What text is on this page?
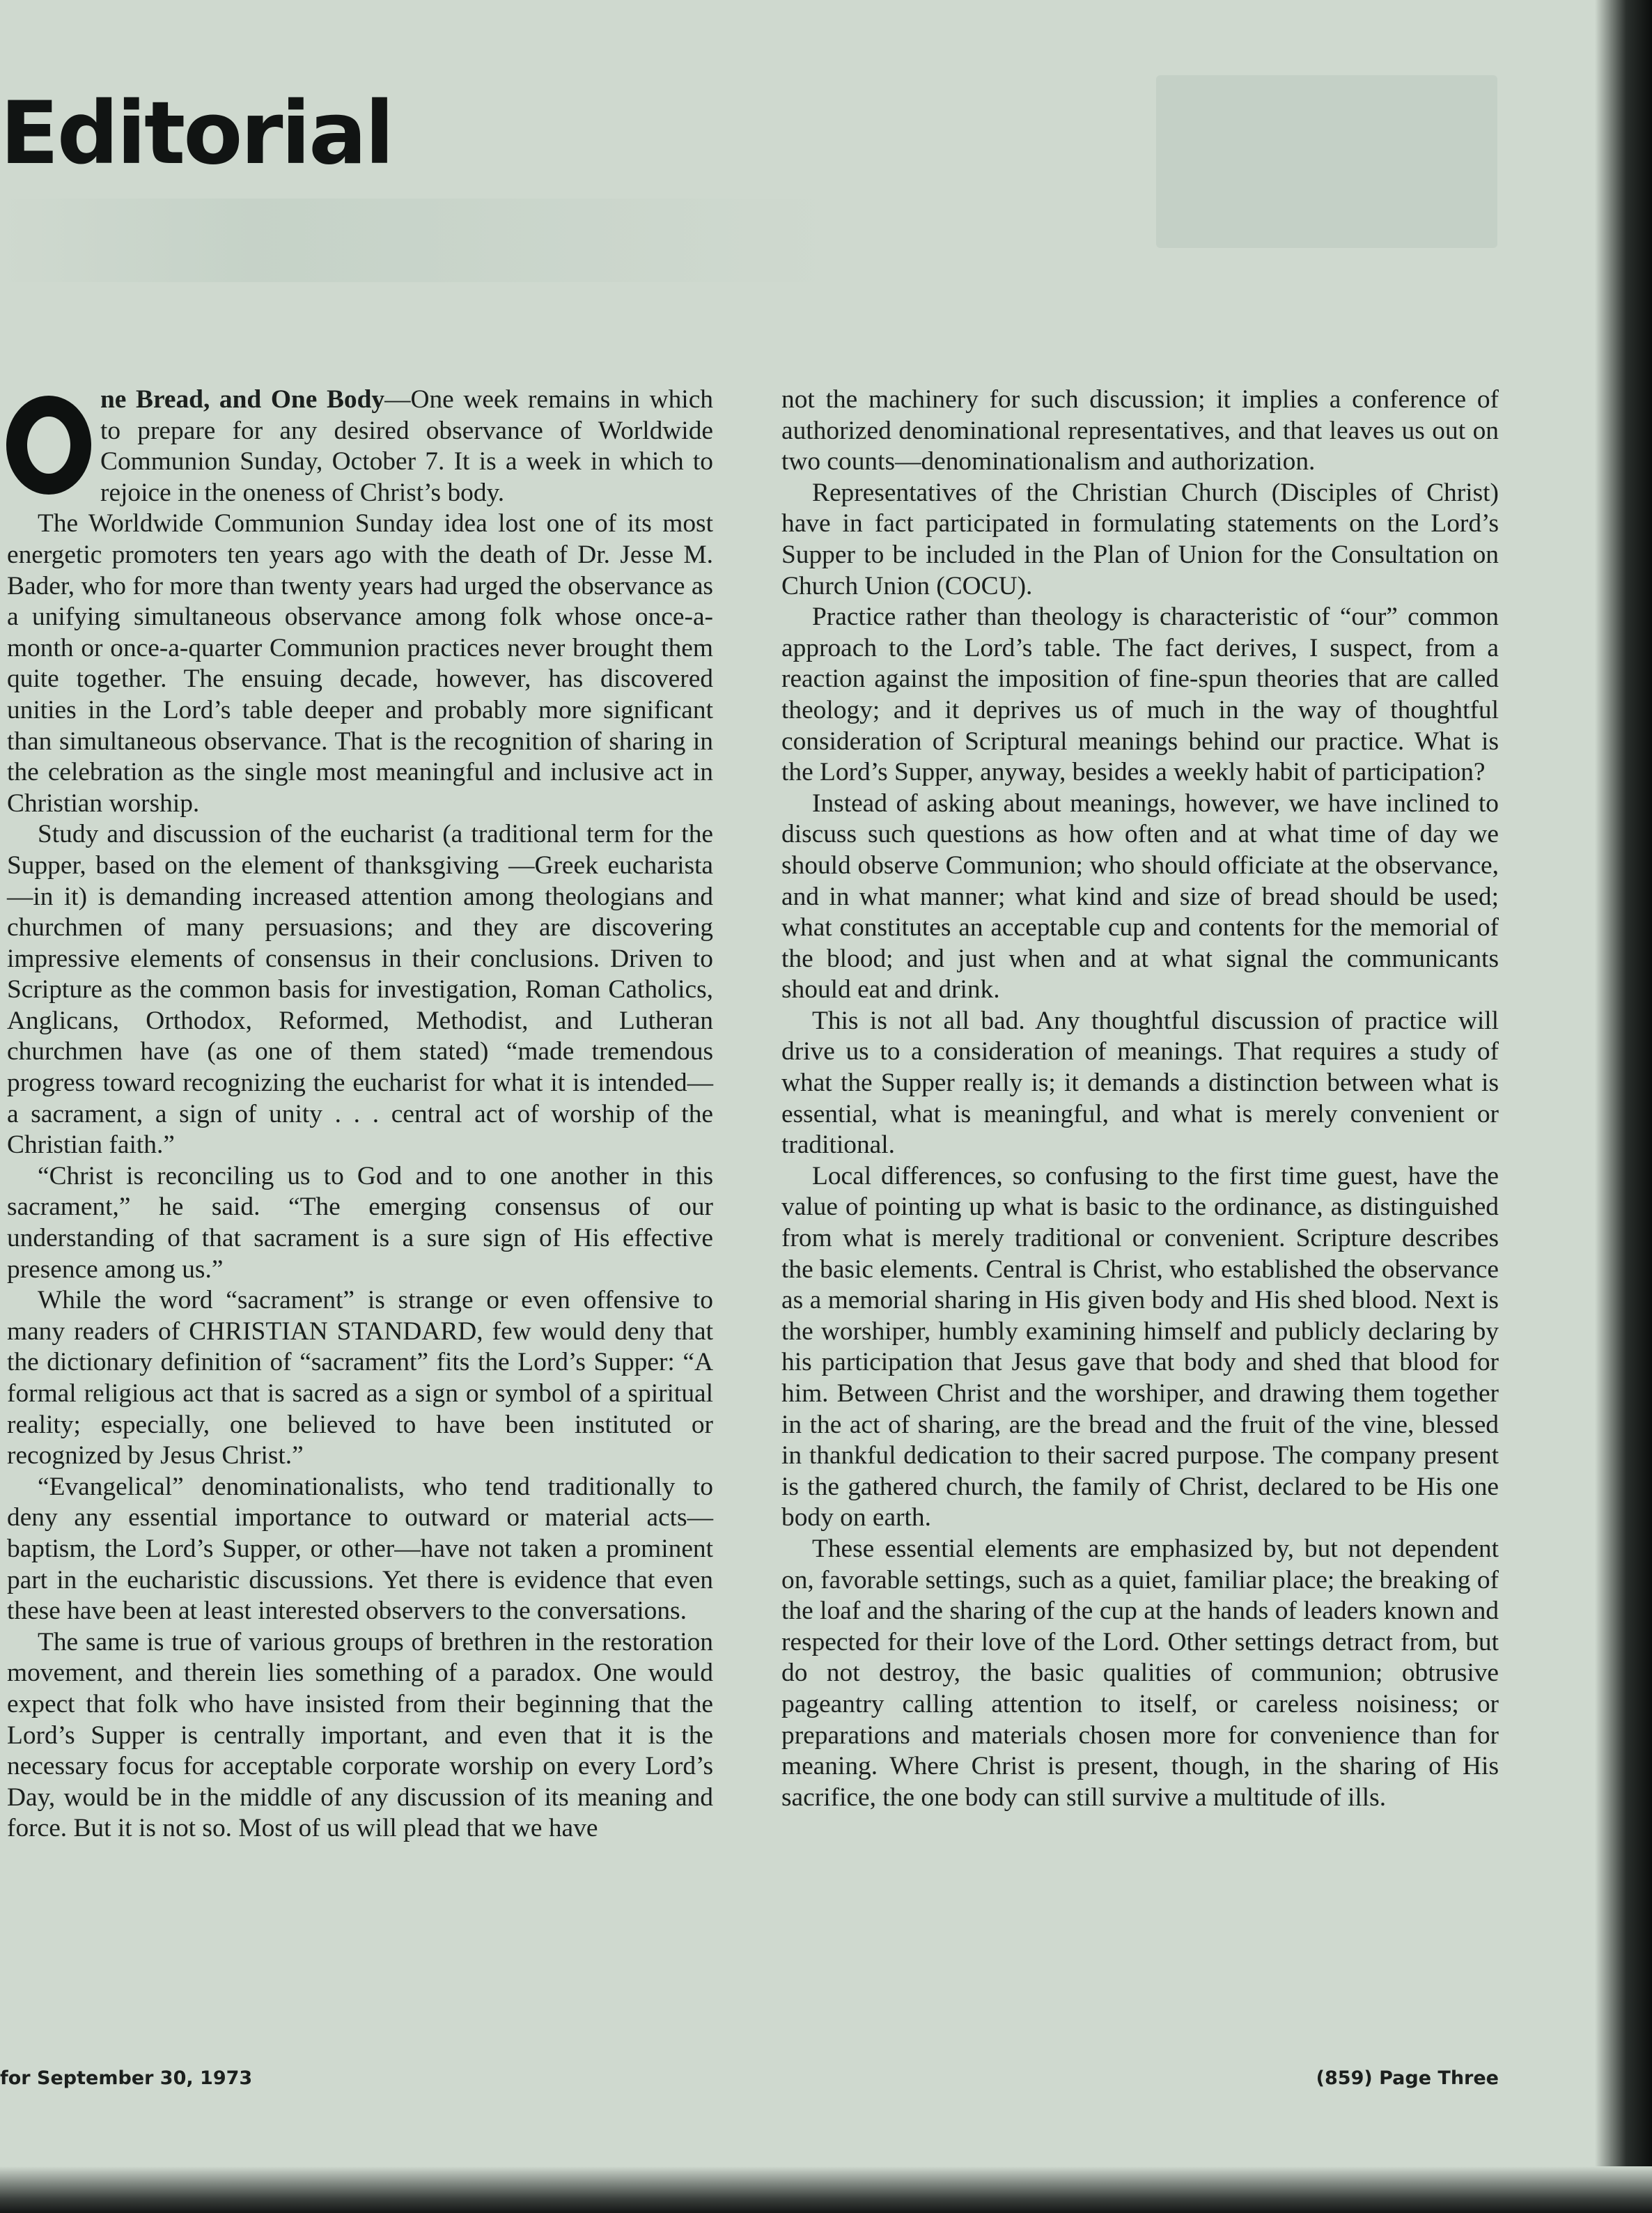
Editorial

ne Bread, and One Body—One week remains in which to prepare for any desired observance of Worldwide Communion Sunday, October 7. It is a week in which to rejoice in the oneness of Christ’s body.

The Worldwide Communion Sunday idea lost one of its most energetic promoters ten years ago with the death of Dr. Jesse M. Bader, who for more than twenty years had urged the observance as a unifying simultaneous observance among folk whose once-a-month or once-a-quarter Communion practices never brought them quite together. The ensuing decade, however, has discovered unities in the Lord’s table deeper and probably more significant than simultaneous observance. That is the recognition of sharing in the celebration as the single most meaningful and inclusive act in Christian worship.

Study and discussion of the eucharist (a traditional term for the Supper, based on the element of thanksgiving —Greek eucharista—in it) is demanding increased attention among theologians and churchmen of many persuasions; and they are discovering impressive elements of consensus in their conclusions. Driven to Scripture as the common basis for investigation, Roman Catholics, Anglicans, Orthodox, Reformed, Methodist, and Lutheran churchmen have (as one of them stated) “made tremendous progress toward recognizing the eucharist for what it is intended—a sacrament, a sign of unity . . . central act of worship of the Christian faith.”

“Christ is reconciling us to God and to one another in this sacrament,” he said. “The emerging consensus of our understanding of that sacrament is a sure sign of His effective presence among us.”

While the word “sacrament” is strange or even offensive to many readers of CHRISTIAN STANDARD, few would deny that the dictionary definition of “sacrament” fits the Lord’s Supper: “A formal religious act that is sacred as a sign or symbol of a spiritual reality; especially, one believed to have been instituted or recognized by Jesus Christ.”

“Evangelical” denominationalists, who tend traditionally to deny any essential importance to outward or material acts—baptism, the Lord’s Supper, or other—have not taken a prominent part in the eucharistic discussions. Yet there is evidence that even these have been at least interested observers to the conversations.

The same is true of various groups of brethren in the restoration movement, and therein lies something of a paradox. One would expect that folk who have insisted from their beginning that the Lord’s Supper is centrally important, and even that it is the necessary focus for acceptable corporate worship on every Lord’s Day, would be in the middle of any discussion of its meaning and force. But it is not so. Most of us will plead that we have

not the machinery for such discussion; it implies a conference of authorized denominational representatives, and that leaves us out on two counts—denominationalism and authorization.

Representatives of the Christian Church (Disciples of Christ) have in fact participated in formulating statements on the Lord’s Supper to be included in the Plan of Union for the Consultation on Church Union (COCU).

Practice rather than theology is characteristic of “our” common approach to the Lord’s table. The fact derives, I suspect, from a reaction against the imposition of fine-spun theories that are called theology; and it deprives us of much in the way of thoughtful consideration of Scriptural meanings behind our practice. What is the Lord’s Supper, anyway, besides a weekly habit of participation?

Instead of asking about meanings, however, we have inclined to discuss such questions as how often and at what time of day we should observe Communion; who should officiate at the observance, and in what manner; what kind and size of bread should be used; what constitutes an acceptable cup and contents for the memorial of the blood; and just when and at what signal the communicants should eat and drink.

This is not all bad. Any thoughtful discussion of practice will drive us to a consideration of meanings. That requires a study of what the Supper really is; it demands a distinction between what is essential, what is meaningful, and what is merely convenient or traditional.

Local differences, so confusing to the first time guest, have the value of pointing up what is basic to the ordinance, as distinguished from what is merely traditional or convenient. Scripture describes the basic elements. Central is Christ, who established the observance as a memorial sharing in His given body and His shed blood. Next is the worshiper, humbly examining himself and publicly declaring by his participation that Jesus gave that body and shed that blood for him. Between Christ and the worshiper, and drawing them together in the act of sharing, are the bread and the fruit of the vine, blessed in thankful dedication to their sacred purpose. The company present is the gathered church, the family of Christ, declared to be His one body on earth.

These essential elements are emphasized by, but not dependent on, favorable settings, such as a quiet, familiar place; the breaking of the loaf and the sharing of the cup at the hands of leaders known and respected for their love of the Lord. Other settings detract from, but do not destroy, the basic qualities of communion; obtrusive pageantry calling attention to itself, or careless noisiness; or preparations and materials chosen more for convenience than for meaning. Where Christ is present, though, in the sharing of His sacrifice, the one body can still survive a multitude of ills.

for September 30, 1973	(859) Page Three
